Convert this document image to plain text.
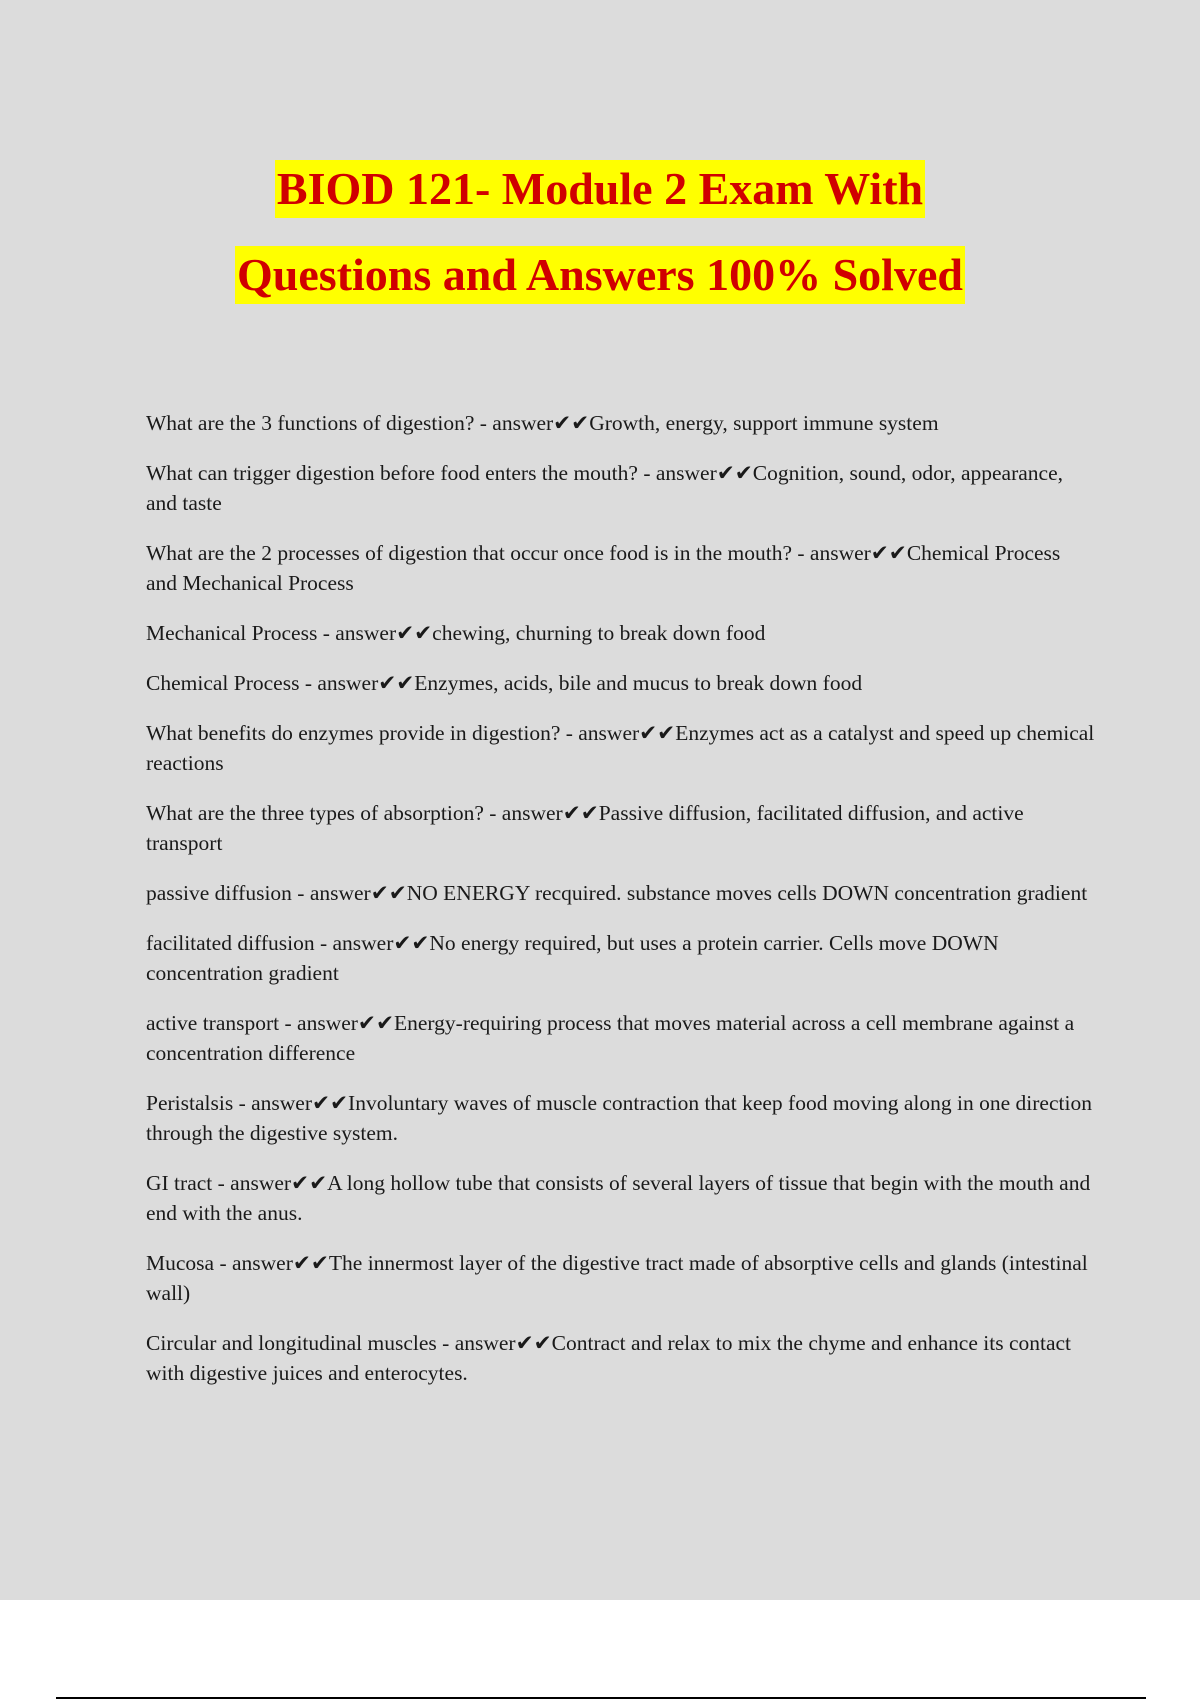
BIOD 121- Module 2 Exam With
Questions and Answers 100% Solved

What are the 3 functions of digestion? - answer✔✔Growth, energy, support immune system

What can trigger digestion before food enters the mouth? - answer✔✔Cognition, sound, odor, appearance, and taste

What are the 2 processes of digestion that occur once food is in the mouth? - answer✔✔Chemical Process and Mechanical Process

Mechanical Process - answer✔✔chewing, churning to break down food

Chemical Process - answer✔✔Enzymes, acids, bile and mucus to break down food

What benefits do enzymes provide in digestion? - answer✔✔Enzymes act as a catalyst and speed up chemical reactions

What are the three types of absorption? - answer✔✔Passive diffusion, facilitated diffusion, and active transport

passive diffusion - answer✔✔NO ENERGY recquired. substance moves cells DOWN concentration gradient

facilitated diffusion - answer✔✔No energy required, but uses a protein carrier. Cells move DOWN concentration gradient

active transport - answer✔✔Energy-requiring process that moves material across a cell membrane against a concentration difference

Peristalsis - answer✔✔Involuntary waves of muscle contraction that keep food moving along in one direction through the digestive system.

GI tract - answer✔✔A long hollow tube that consists of several layers of tissue that begin with the mouth and end with the anus.

Mucosa - answer✔✔The innermost layer of the digestive tract made of absorptive cells and glands (intestinal wall)

Circular and longitudinal muscles - answer✔✔Contract and relax to mix the chyme and enhance its contact with digestive juices and enterocytes.
